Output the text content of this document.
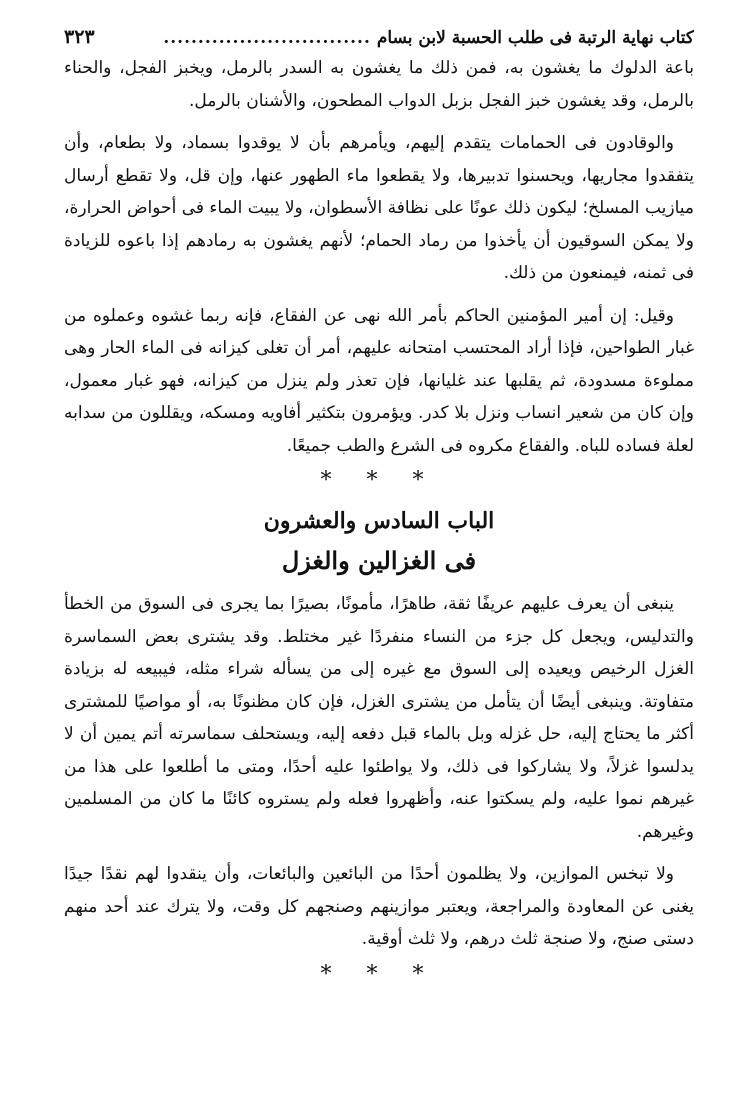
كتاب نهاية الرتبة فى طلب الحسبة لابن بسام
..............................
٣٢٣

باعة الدلوك ما يغشون به، فمن ذلك ما يغشون به السدر بالرمل، ويخبز الفجل، والحناء بالرمل، وقد يغشون خبز الفجل بزبل الدواب المطحون، والأشنان بالرمل.

والوقادون فى الحمامات يتقدم إليهم، ويأمرهم بأن لا يوقدوا بسماد، ولا بطعام، وأن يتفقدوا مجاريها، ويحسنوا تدبيرها، ولا يقطعوا ماء الطهور عنها، وإن قل، ولا تقطع أرسال ميازيب المسلخ؛ ليكون ذلك عونًا على نظافة الأسطوان، ولا يبيت الماء فى أحواض الحرارة، ولا يمكن السوقيون أن يأخذوا من رماد الحمام؛ لأنهم يغشون به رمادهم إذا باعوه للزيادة فى ثمنه، فيمنعون من ذلك.

وقيل: إن أمير المؤمنين الحاكم بأمر الله نهى عن الفقاع، فإنه ربما غشوه وعملوه من غبار الطواحين، فإذا أراد المحتسب امتحانه عليهم، أمر أن تغلى كيزانه فى الماء الحار وهى مملوءة مسدودة، ثم يقلبها عند غليانها، فإن تعذر ولم ينزل من كيزانه، فهو غبار معمول، وإن كان من شعير انساب ونزل بلا كدر. ويؤمرون بتكثير أفاويه ومسكه، ويقللون من سدابه لعلة فساده للباه. والفقاع مكروه فى الشرع والطب جميعًا.

* * *
الباب السادس والعشرون
فى الغزالين والغزل

ينبغى أن يعرف عليهم عريفًا ثقة، طاهرًا، مأمونًا، بصيرًا بما يجرى فى السوق من الخطأ والتدليس، ويجعل كل جزء من النساء منفردًا غير مختلط. وقد يشترى بعض السماسرة الغزل الرخيص ويعيده إلى السوق مع غيره إلى من يسأله شراء مثله، فيبيعه له بزيادة متفاوتة. وينبغى أيضًا أن يتأمل من يشترى الغزل، فإن كان مظنونًا به، أو مواصيًا للمشترى أكثر ما يحتاج إليه، حل غزله وبل بالماء قبل دفعه إليه، ويستحلف سماسرته أتم يمين أن لا يدلسوا غزلاً، ولا يشاركوا فى ذلك، ولا يواطئوا عليه أحدًا، ومتى ما أطلعوا على هذا من غيرهم نموا عليه، ولم يسكتوا عنه، وأظهروا فعله ولم يستروه كائنًا ما كان من المسلمين وغيرهم.

ولا تبخس الموازين، ولا يظلمون أحدًا من البائعين والبائعات، وأن ينقدوا لهم نقدًا جيدًا يغنى عن المعاودة والمراجعة، ويعتبر موازينهم وصنجهم كل وقت، ولا يترك عند أحد منهم دستى صنج، ولا صنجة ثلث درهم، ولا ثلث أوقية.

* * *
